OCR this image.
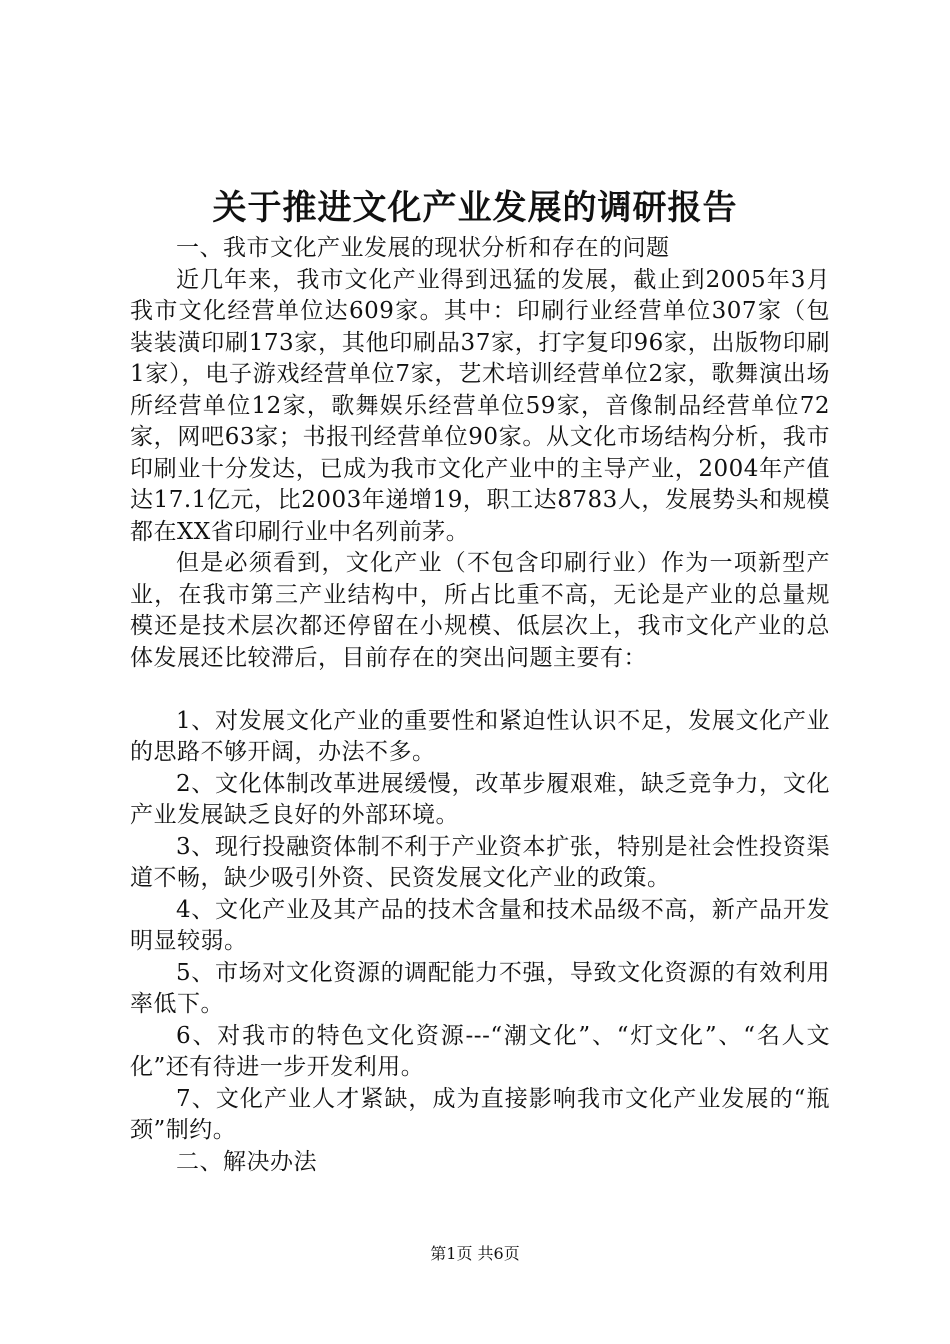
关于推进文化产业发展的调研报告

一、我市文化产业发展的现状分析和存在的问题

近几年来，我市文化产业得到迅猛的发展，截止到2005年3月我市文化经营单位达609家。其中：印刷行业经营单位307家（包装装潢印刷173家，其他印刷品37家，打字复印96家，出版物印刷1家），电子游戏经营单位7家，艺术培训经营单位2家，歌舞演出场所经营单位12家，歌舞娱乐经营单位59家，音像制品经营单位72家，网吧63家；书报刊经营单位90家。从文化市场结构分析，我市印刷业十分发达，已成为我市文化产业中的主导产业，2004年产值达17.1亿元，比2003年递增19，职工达8783人，发展势头和规模都在XX省印刷行业中名列前茅。

但是必须看到，文化产业（不包含印刷行业）作为一项新型产业，在我市第三产业结构中，所占比重不高，无论是产业的总量规模还是技术层次都还停留在小规模、低层次上，我市文化产业的总体发展还比较滞后，目前存在的突出问题主要有：

1、对发展文化产业的重要性和紧迫性认识不足，发展文化产业的思路不够开阔，办法不多。

2、文化体制改革进展缓慢，改革步履艰难，缺乏竞争力，文化产业发展缺乏良好的外部环境。

3、现行投融资体制不利于产业资本扩张，特别是社会性投资渠道不畅，缺少吸引外资、民资发展文化产业的政策。

4、文化产业及其产品的技术含量和技术品级不高，新产品开发明显较弱。

5、市场对文化资源的调配能力不强，导致文化资源的有效利用率低下。

6、对我市的特色文化资源---“潮文化”、“灯文化”、“名人文化”还有待进一步开发利用。

7、文化产业人才紧缺，成为直接影响我市文化产业发展的“瓶颈”制约。

二、解决办法

第1页 共6页
